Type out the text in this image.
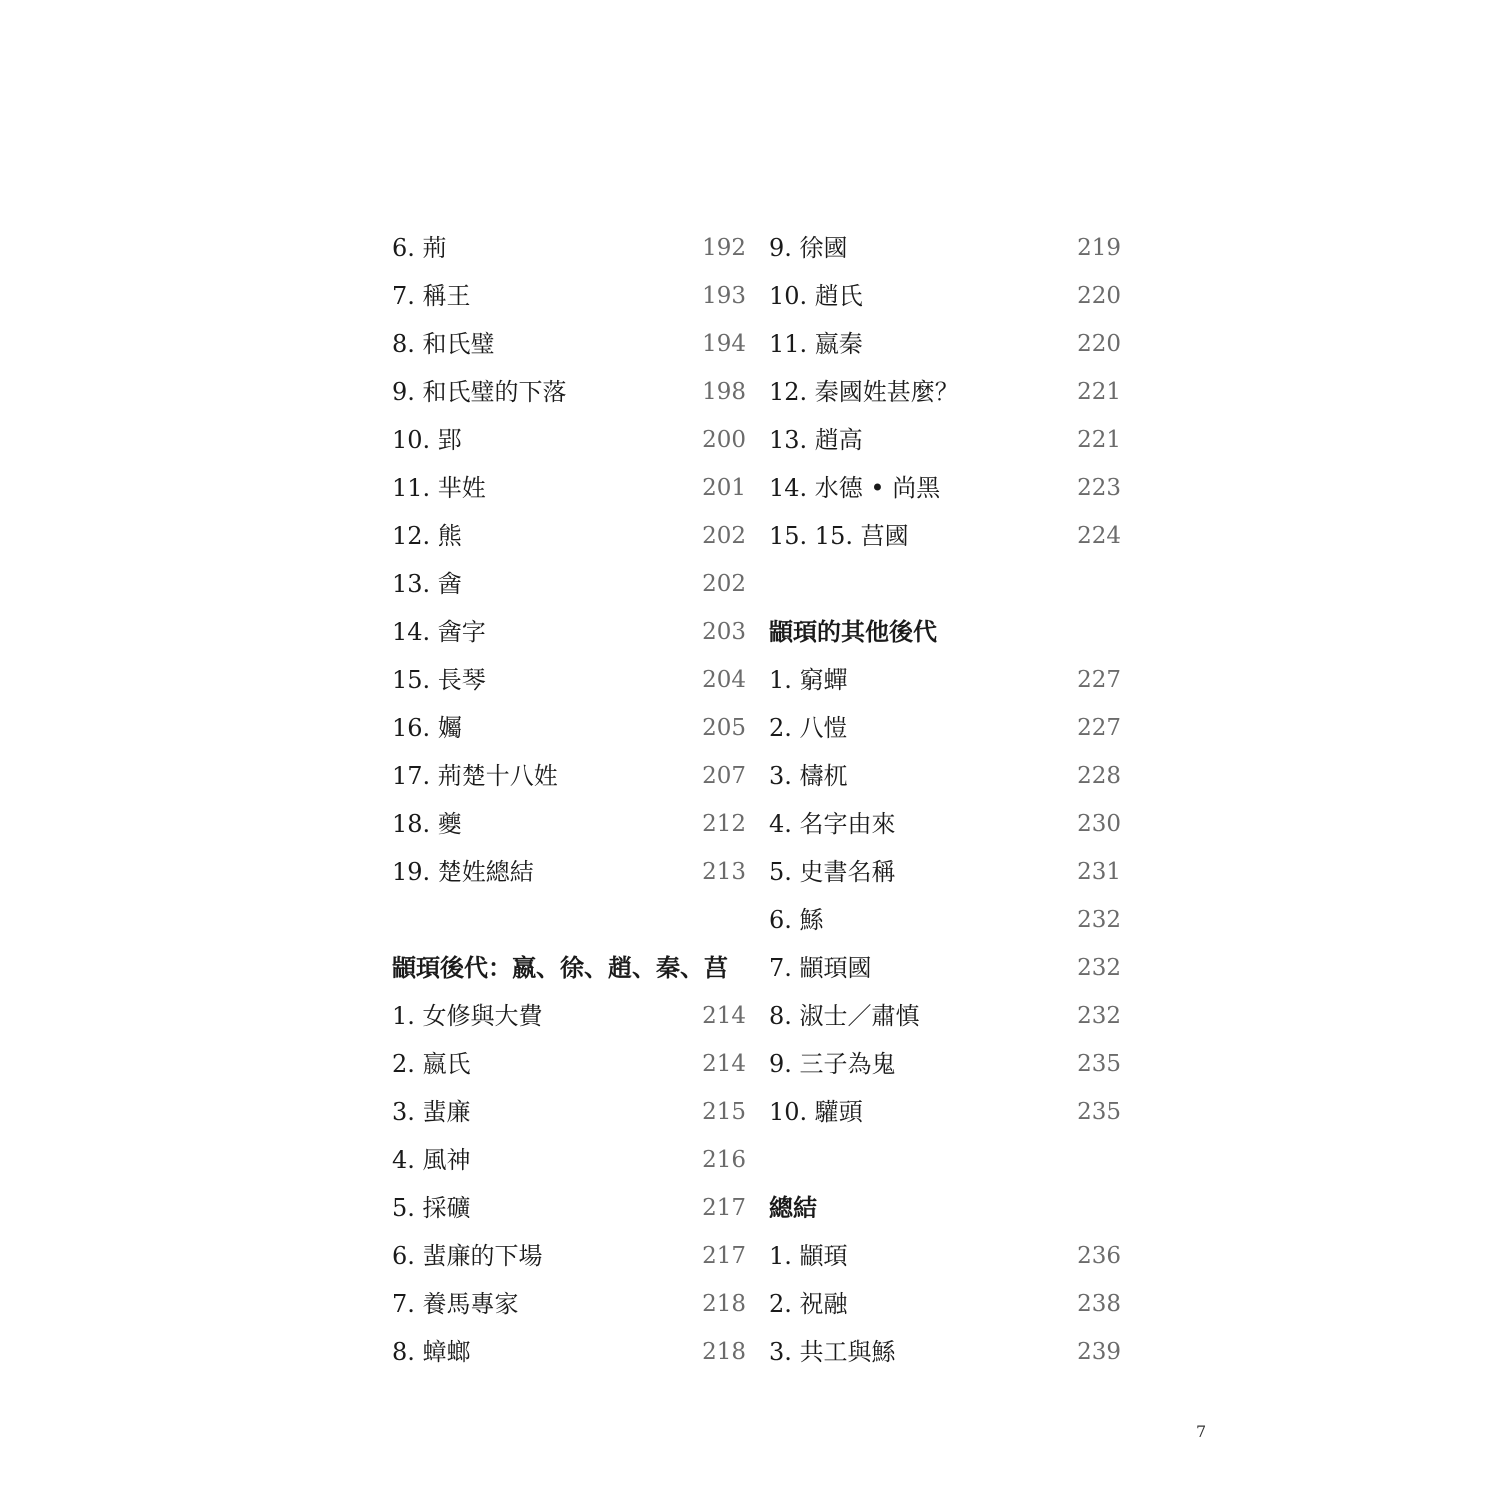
6. 荊	192
7. 稱王	193
8. 和氏璧	194
9. 和氏璧的下落	198
10. 郢	200
11. 芈姓	201
12. 熊	202
13. 酓	202
14. 酓字	203
15. 長琴	204
16. 孎	205
17. 荊楚十八姓	207
18. 夔	212
19. 楚姓總結	213
顓頊後代：嬴、徐、趙、秦、莒
1. 女修與大費	214
2. 嬴氏	214
3. 蜚廉	215
4. 風神	216
5. 採礦	217
6. 蜚廉的下場	217
7. 養馬專家	218
8. 蟑螂	218
9. 徐國	219
10. 趙氏	220
11. 嬴秦	220
12. 秦國姓甚麼？	221
13. 趙高	221
14. 水德 • 尚黑	223
15. 15. 莒國	224
顓頊的其他後代
1. 窮蟬	227
2. 八愷	227
3. 檮杌	228
4. 名字由來	230
5. 史書名稱	231
6. 鯀	232
7. 顓頊國	232
8. 淑士／肅慎	232
9. 三子為鬼	235
10. 驩頭	235
總結
1. 顓頊	236
2. 祝融	238
3. 共工與鯀	239
7
